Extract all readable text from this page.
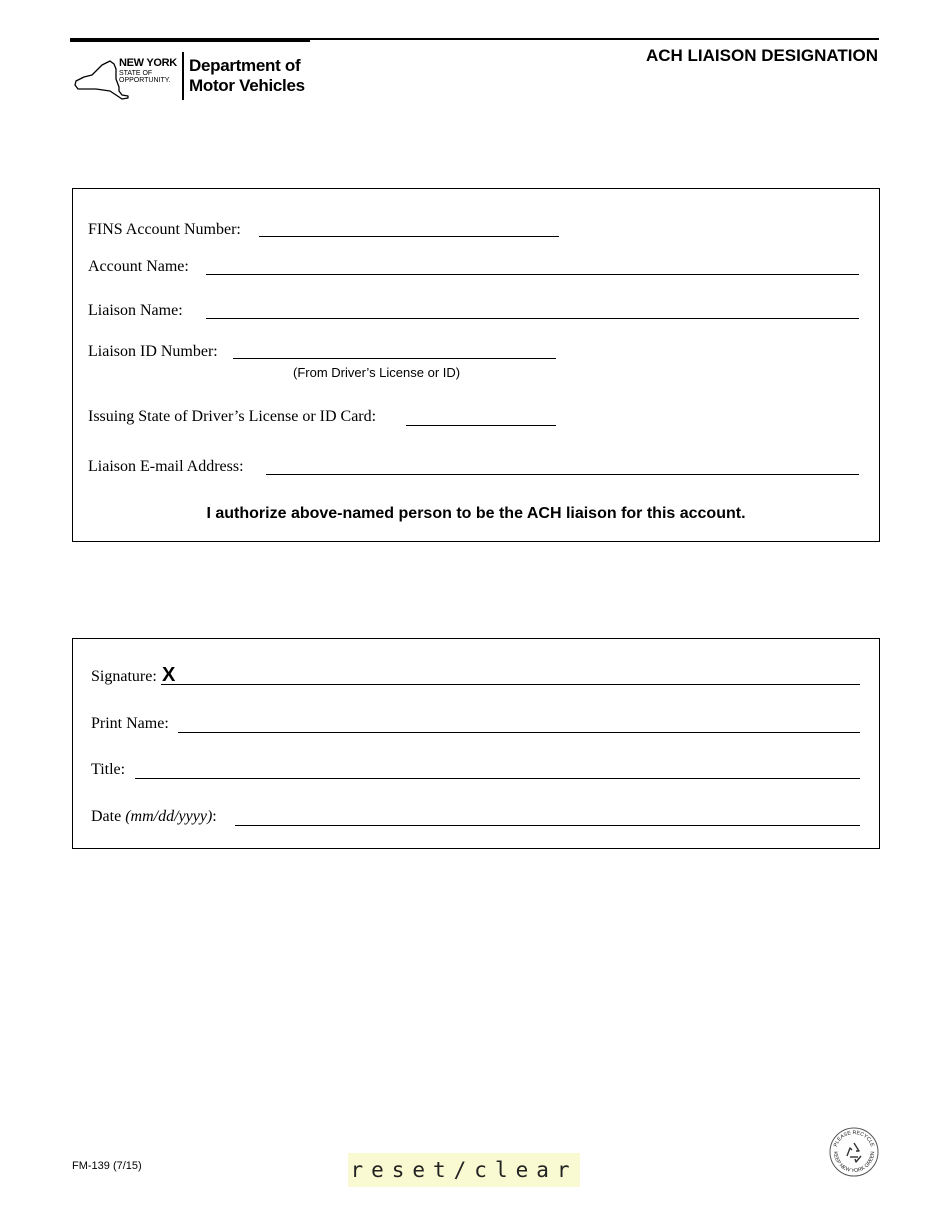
NEW YORK
STATE OF
OPPORTUNITY.
Department of
Motor Vehicles
ACH LIAISON DESIGNATION
FINS Account Number:
Account Name:
Liaison Name:
Liaison ID Number:
(From Driver’s License or ID)
Issuing State of Driver’s License or ID Card:
Liaison E-mail Address:
I authorize above-named person to be the ACH liaison for this account.
Signature: X
Print Name:
Title:
Date (mm/dd/yyyy):
FM-139 (7/15)	reset/clear
PLEASE RECYCLE
KEEP NEW YORK GREEN
